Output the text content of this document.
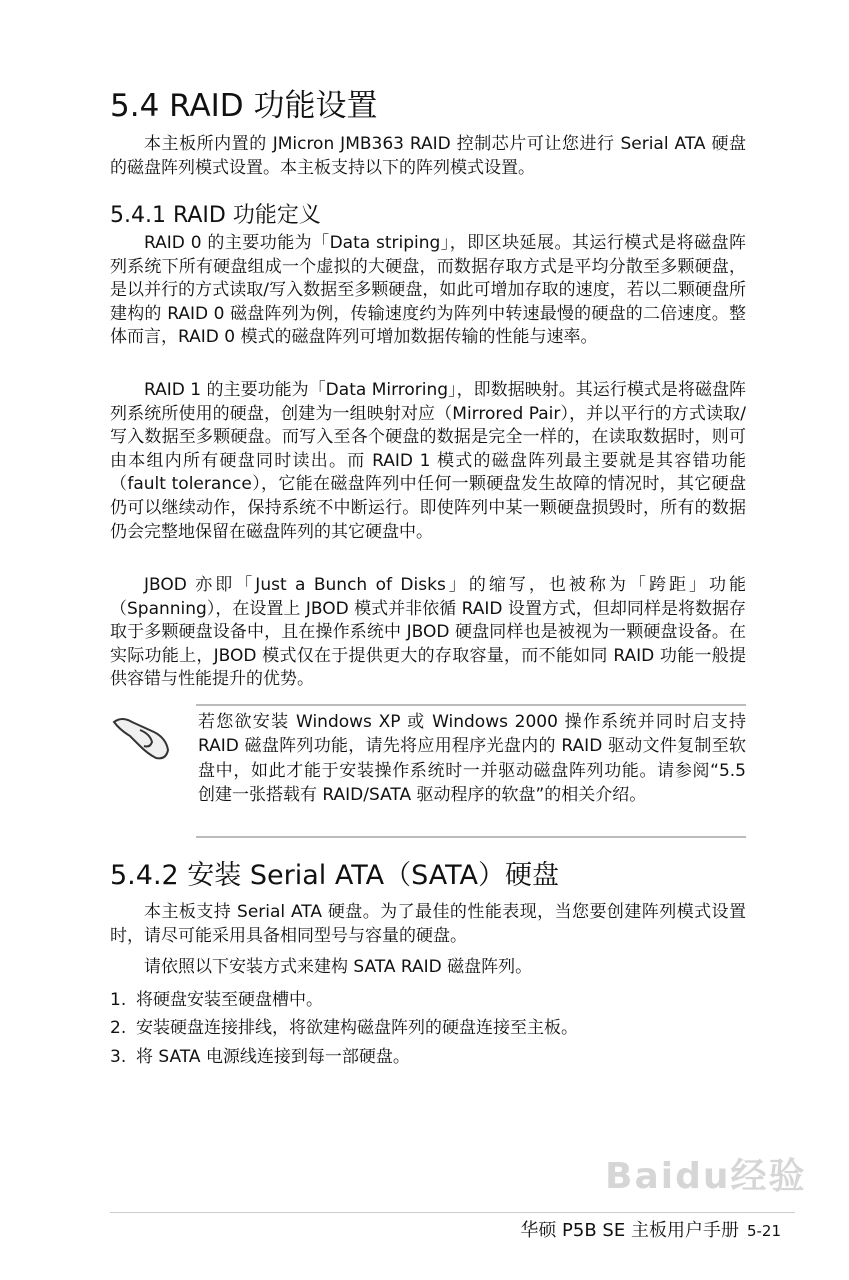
5.4 RAID 功能设置

本主板所内置的 JMicron JMB363 RAID 控制芯片可让您进行 Serial ATA 硬盘的磁盘阵列模式设置。本主板支持以下的阵列模式设置。

5.4.1 RAID 功能定义

RAID 0 的主要功能为「Data striping」，即区块延展。其运行模式是将磁盘阵列系统下所有硬盘组成一个虚拟的大硬盘，而数据存取方式是平均分散至多颗硬盘，是以并行的方式读取/写入数据至多颗硬盘，如此可增加存取的速度，若以二颗硬盘所建构的 RAID 0 磁盘阵列为例，传输速度约为阵列中转速最慢的硬盘的二倍速度。整体而言，RAID 0 模式的磁盘阵列可增加数据传输的性能与速率。

RAID 1 的主要功能为「Data Mirroring」，即数据映射。其运行模式是将磁盘阵列系统所使用的硬盘，创建为一组映射对应（Mirrored Pair），并以平行的方式读取/写入数据至多颗硬盘。而写入至各个硬盘的数据是完全一样的，在读取数据时，则可由本组内所有硬盘同时读出。而 RAID 1 模式的磁盘阵列最主要就是其容错功能（fault tolerance），它能在磁盘阵列中任何一颗硬盘发生故障的情况时，其它硬盘仍可以继续动作，保持系统不中断运行。即使阵列中某一颗硬盘损毁时，所有的数据仍会完整地保留在磁盘阵列的其它硬盘中。

JBOD 亦即「Just a Bunch of Disks」的缩写，也被称为「跨距」功能（Spanning），在设置上 JBOD 模式并非依循 RAID 设置方式，但却同样是将数据存取于多颗硬盘设备中，且在操作系统中 JBOD 硬盘同样也是被视为一颗硬盘设备。在实际功能上，JBOD 模式仅在于提供更大的存取容量，而不能如同 RAID 功能一般提供容错与性能提升的优势。

若您欲安装 Windows XP 或 Windows 2000 操作系统并同时启支持 RAID 磁盘阵列功能，请先将应用程序光盘内的 RAID 驱动文件复制至软盘中，如此才能于安装操作系统时一并驱动磁盘阵列功能。请参阅“5.5 创建一张搭载有 RAID/SATA 驱动程序的软盘”的相关介绍。

5.4.2 安装 Serial ATA（SATA）硬盘

本主板支持 Serial ATA 硬盘。为了最佳的性能表现，当您要创建阵列模式设置时，请尽可能采用具备相同型号与容量的硬盘。

请依照以下安装方式来建构 SATA RAID 磁盘阵列。

1. 将硬盘安装至硬盘槽中。
2. 安装硬盘连接排线，将欲建构磁盘阵列的硬盘连接至主板。
3. 将 SATA 电源线连接到每一部硬盘。
Baidu经验
华硕 P5B SE 主板用户手册 5-21
